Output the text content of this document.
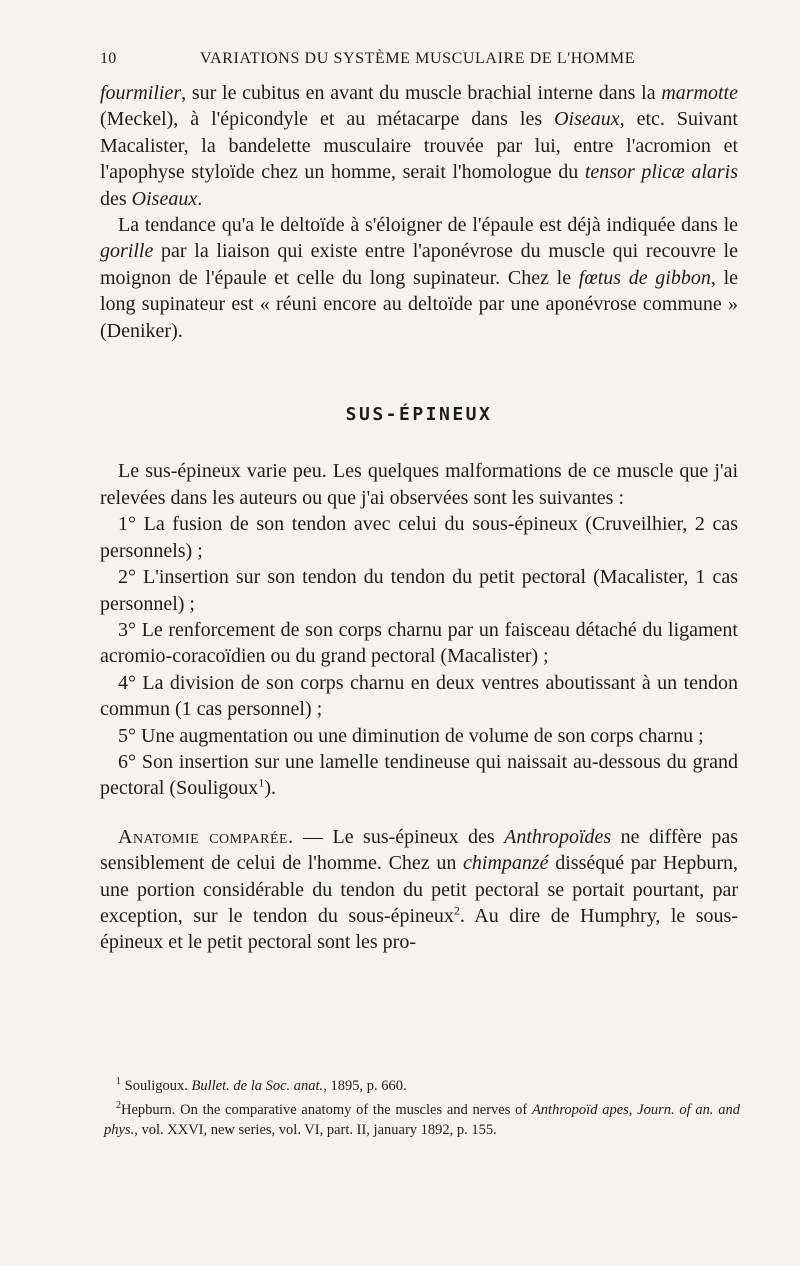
10	VARIATIONS DU SYSTÈME MUSCULAIRE DE L'HOMME

fourmilier, sur le cubitus en avant du muscle brachial interne dans la marmotte (Meckel), à l'épicondyle et au métacarpe dans les Oiseaux, etc. Suivant Macalister, la bandelette musculaire trouvée par lui, entre l'acromion et l'apophyse styloïde chez un homme, serait l'homologue du tensor plicæ alaris des Oiseaux.

La tendance qu'a le deltoïde à s'éloigner de l'épaule est déjà indiquée dans le gorille par la liaison qui existe entre l'aponévrose du muscle qui recouvre le moignon de l'épaule et celle du long supinateur. Chez le fœtus de gibbon, le long supinateur est « réuni encore au deltoïde par une aponévrose commune » (Deniker).

SUS-ÉPINEUX

Le sus-épineux varie peu. Les quelques malformations de ce muscle que j'ai relevées dans les auteurs ou que j'ai observées sont les suivantes :

1° La fusion de son tendon avec celui du sous-épineux (Cruveilhier, 2 cas personnels) ;

2° L'insertion sur son tendon du tendon du petit pectoral (Macalister, 1 cas personnel) ;

3° Le renforcement de son corps charnu par un faisceau détaché du ligament acromio-coracoïdien ou du grand pectoral (Macalister) ;

4° La division de son corps charnu en deux ventres aboutissant à un tendon commun (1 cas personnel) ;

5° Une augmentation ou une diminution de volume de son corps charnu ;

6° Son insertion sur une lamelle tendineuse qui naissait au-dessous du grand pectoral (Souligoux$^1$).

Anatomie comparée. — Le sus-épineux des Anthropoïdes ne diffère pas sensiblement de celui de l'homme. Chez un chimpanzé disséqué par Hepburn, une portion considérable du tendon du petit pectoral se portait pourtant, par exception, sur le tendon du sous-épineux$^2$. Au dire de Humphry, le sous-épineux et le petit pectoral sont les pro-

$^1$ Souligoux. Bullet. de la Soc. anat., 1895, p. 660.

$^2$Hepburn. On the comparative anatomy of the muscles and nerves of Anthropoïd apes, Journ. of an. and phys., vol. XXVI, new series, vol. VI, part. II, january 1892, p. 155.
